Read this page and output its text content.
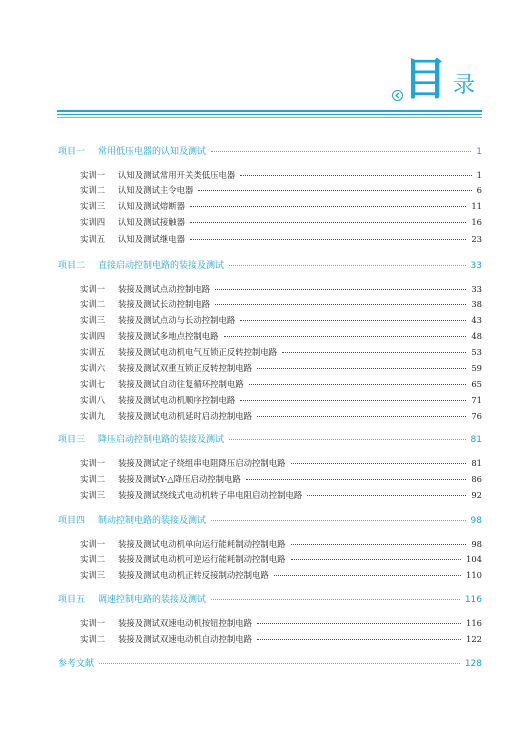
目 录
项目一	常用低压电器的认知及测试	1
实训一	认知及测试常用开关类低压电器	1
实训二	认知及测试主令电器	6
实训三	认知及测试熔断器	11
实训四	认知及测试接触器	16
实训五	认知及测试继电器	23
项目二	直接启动控制电路的装接及测试	33
实训一	装接及测试点动控制电路	33
实训二	装接及测试长动控制电路	38
实训三	装接及测试点动与长动控制电路	43
实训四	装接及测试多地点控制电路	48
实训五	装接及测试电动机电气互锁正反转控制电路	53
实训六	装接及测试双重互锁正反转控制电路	59
实训七	装接及测试自动往复循环控制电路	65
实训八	装接及测试电动机顺序控制电路	71
实训九	装接及测试电动机延时启动控制电路	76
项目三	降压启动控制电路的装接及测试	81
实训一	装接及测试定子绕组串电阻降压启动控制电路	81
实训二	装接及测试Y-△降压启动控制电路	86
实训三	装接及测试绕线式电动机转子串电阻启动控制电路	92
项目四	制动控制电路的装接及测试	98
实训一	装接及测试电动机单向运行能耗制动控制电路	98
实训二	装接及测试电动机可逆运行能耗制动控制电路	104
实训三	装接及测试电动机正转反接制动控制电路	110
项目五	调速控制电路的装接及测试	116
实训一	装接及测试双速电动机按钮控制电路	116
实训二	装接及测试双速电动机自动控制电路	122
参考文献	128
